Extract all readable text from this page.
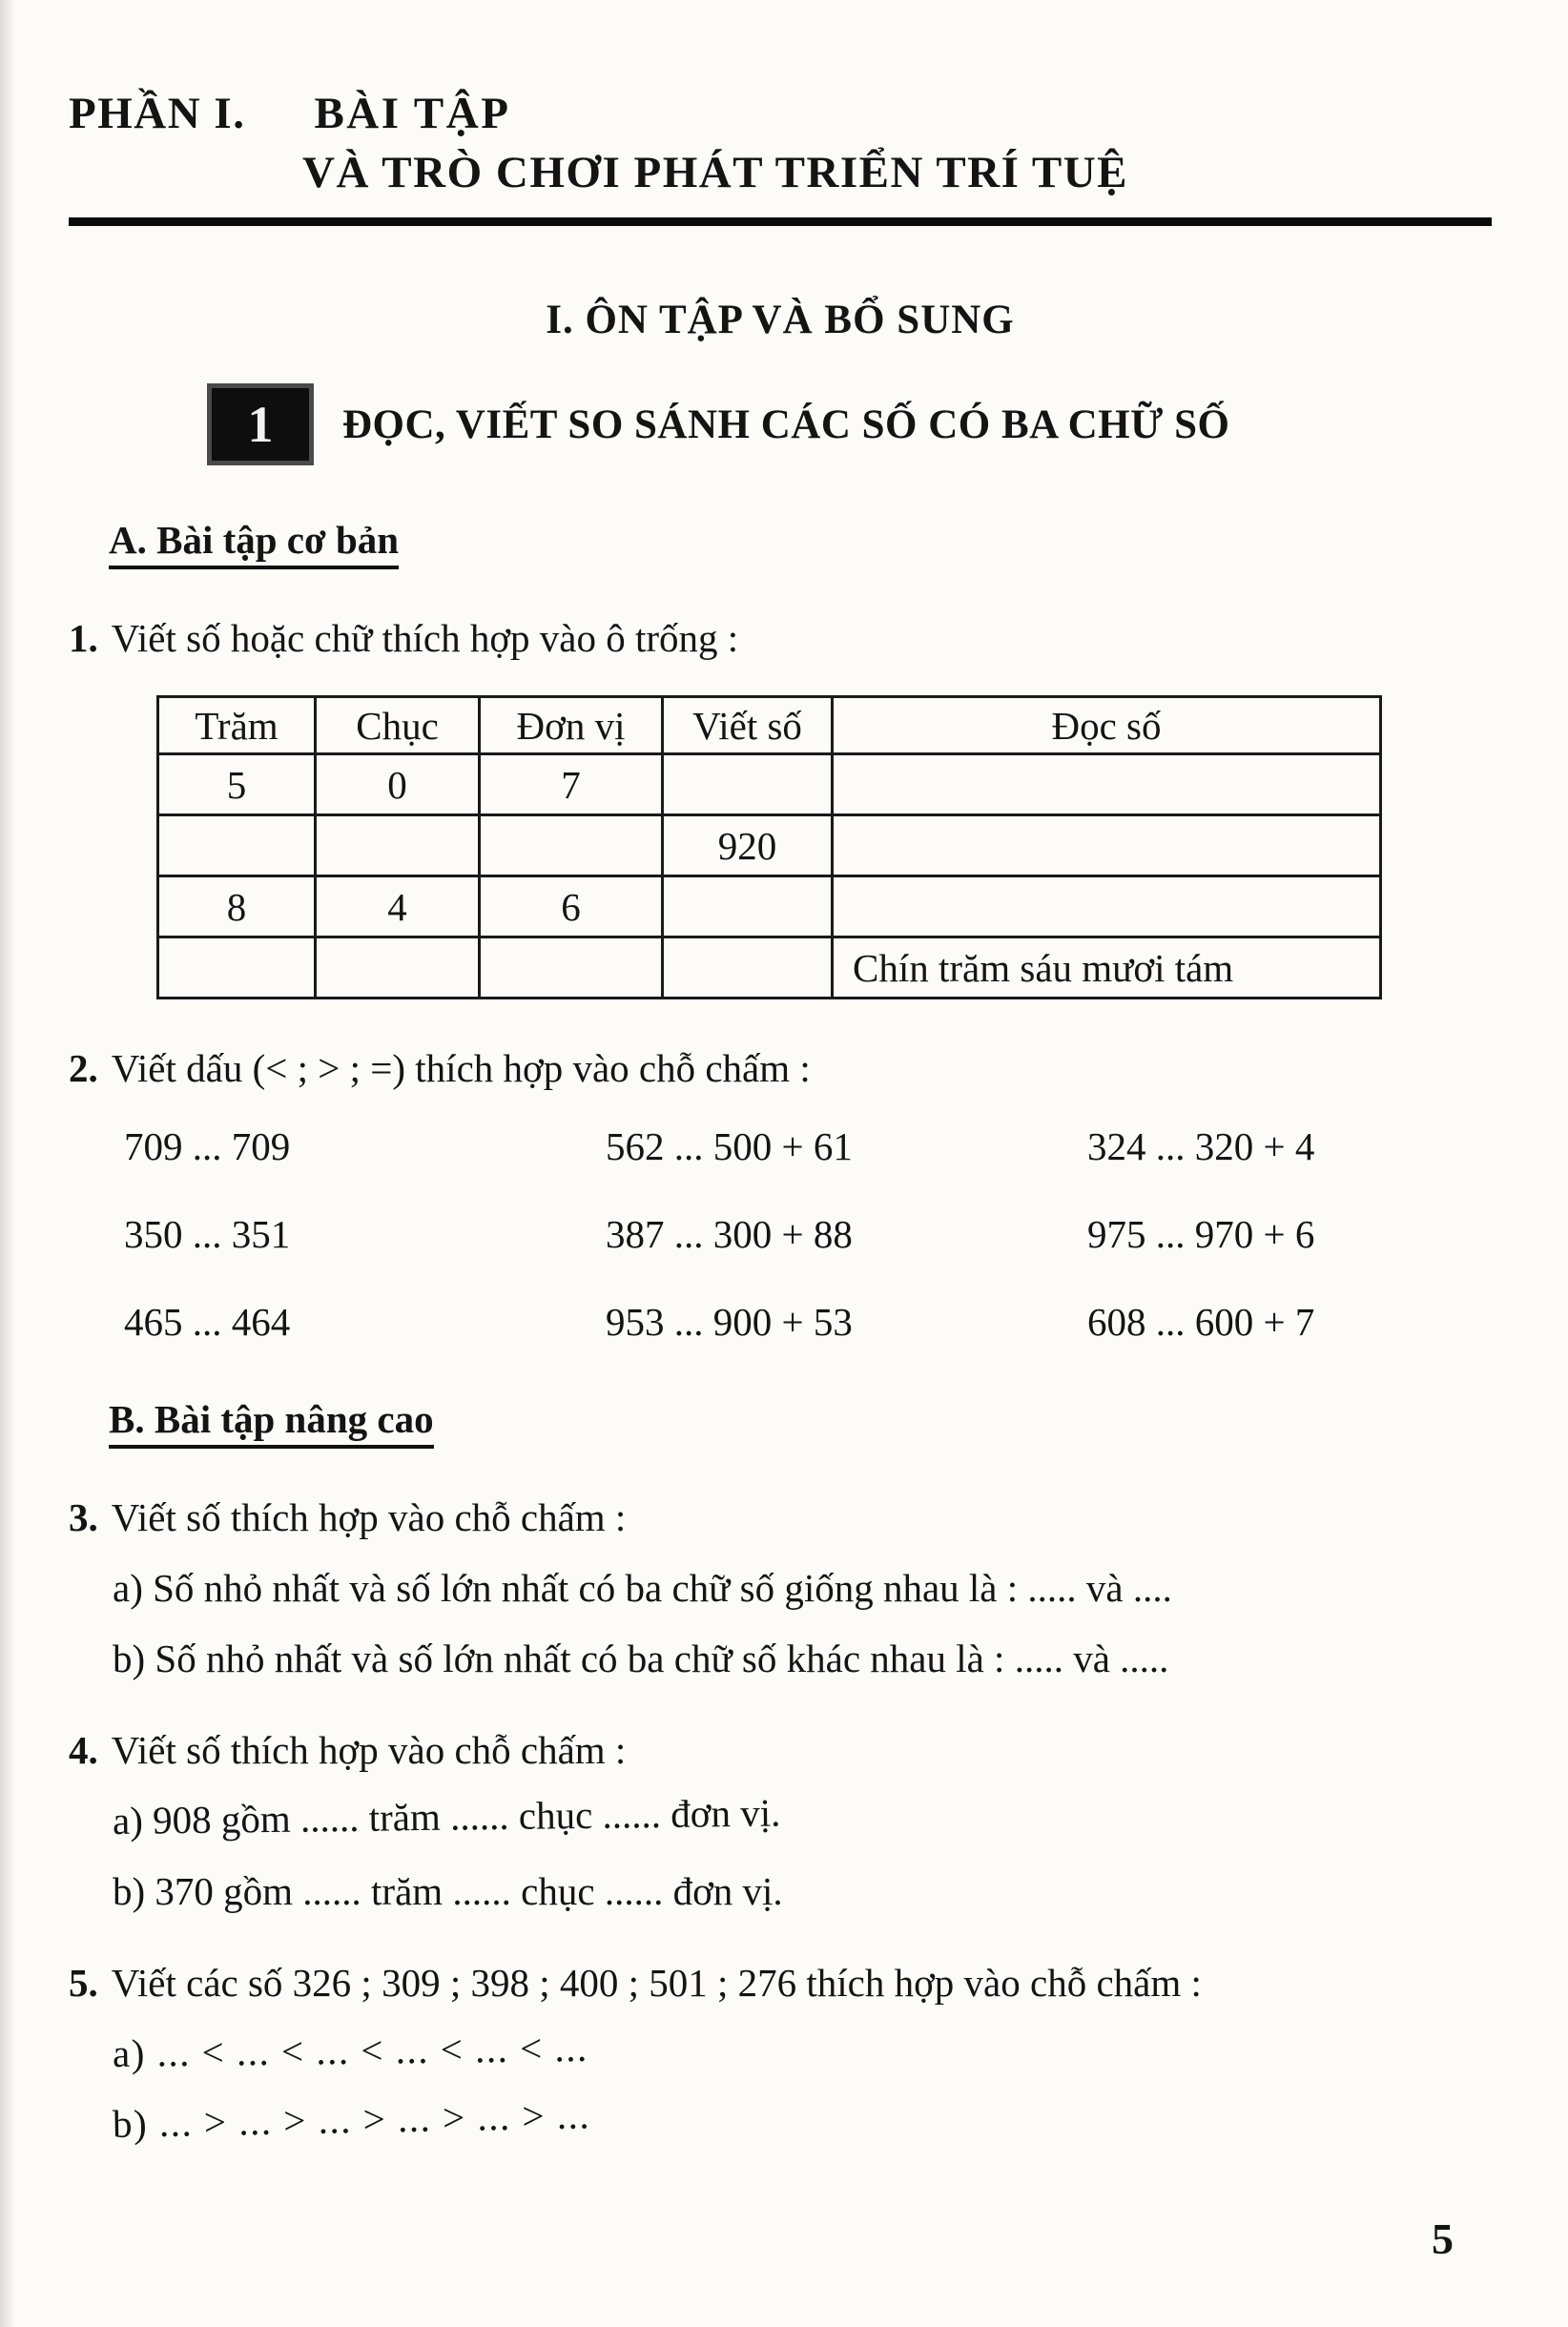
PHẦN I. BÀI TẬP
VÀ TRÒ CHƠI PHÁT TRIỂN TRÍ TUỆ
I. ÔN TẬP VÀ BỔ SUNG
1 ĐỌC, VIẾT SO SÁNH CÁC SỐ CÓ BA CHỮ SỐ
A. Bài tập cơ bản
1. Viết số hoặc chữ thích hợp vào ô trống :
Trăm	Chục	Đơn vị	Viết số	Đọc số
5	0	7		
			920	
8	4	6		
				Chín trăm sáu mươi tám
2. Viết dấu (< ; > ; =) thích hợp vào chỗ chấm :
709 ... 709	562 ... 500 + 61	324 ... 320 + 4
350 ... 351	387 ... 300 + 88	975 ... 970 + 6
465 ... 464	953 ... 900 + 53	608 ... 600 + 7
B. Bài tập nâng cao
3. Viết số thích hợp vào chỗ chấm :
a) Số nhỏ nhất và số lớn nhất có ba chữ số giống nhau là : ..... và ....
b) Số nhỏ nhất và số lớn nhất có ba chữ số khác nhau là : ..... và .....
4. Viết số thích hợp vào chỗ chấm :
a) 908 gồm ...... trăm ...... chục ...... đơn vị.
b) 370 gồm ...... trăm ...... chục ...... đơn vị.
5. Viết các số 326 ; 309 ; 398 ; 400 ; 501 ; 276 thích hợp vào chỗ chấm :
a) ... < ... < ... < ... < ... < ...
b) ... > ... > ... > ... > ... > ...
5
